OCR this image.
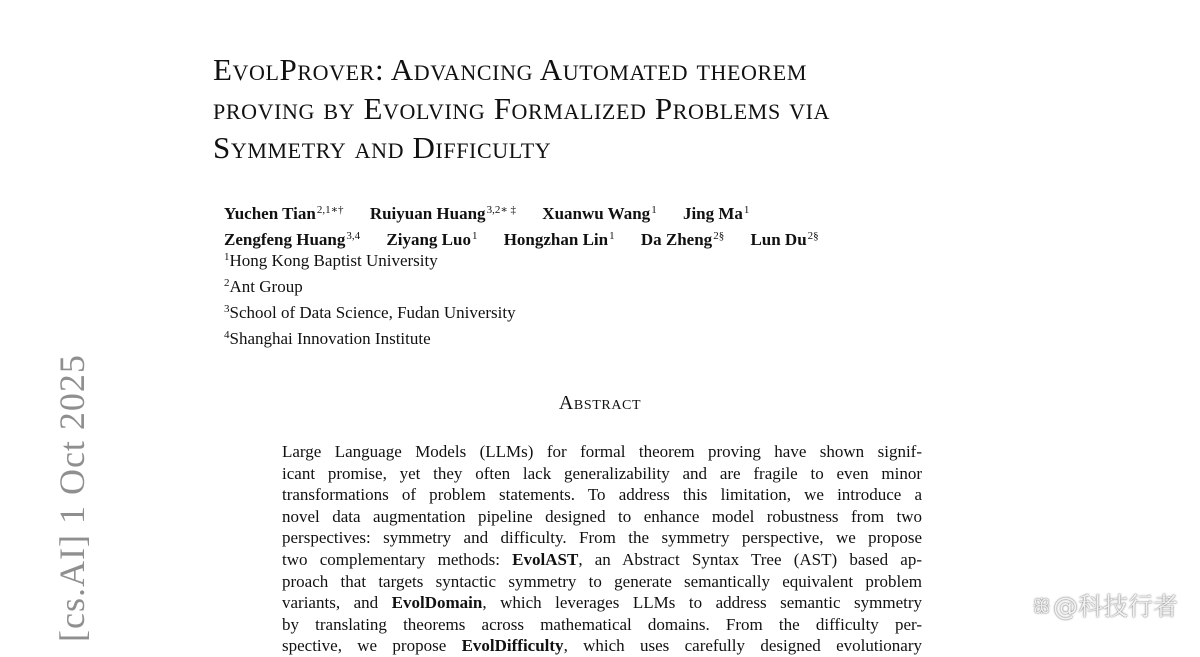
[cs.AI] 1 Oct 2025
EvolProver: Advancing Automated theorem
proving by Evolving Formalized Problems via
Symmetry and Difficulty
Yuchen Tian$^{2,1∗\dagger}$ Ruiyuan Huang$^{3,2∗ \ddagger}$ Xuanwu Wang$^1$ Jing Ma$^1$
Zengfeng Huang$^{3,4}$ Ziyang Luo$^1$ Hongzhan Lin$^1$ Da Zheng$^{2\S}$ Lun $Du^{2\S}$
$^1$Hong Kong Baptist University
$^2$Ant Group
$^3$School of Data Science, Fudan University
$^4$Shanghai Innovation Institute
Abstract
Large Language Models (LLMs) for formal theorem proving have shown signif-
icant promise, yet they often lack generalizability and are fragile to even minor
transformations of problem statements. To address this limitation, we introduce a
novel data augmentation pipeline designed to enhance model robustness from two
perspectives: symmetry and difficulty. From the symmetry perspective, we propose
two complementary methods: EvolAST, an Abstract Syntax Tree (AST) based ap-
proach that targets syntactic symmetry to generate semantically equivalent problem
variants, and EvolDomain, which leverages LLMs to address semantic symmetry
by translating theorems across mathematical domains. From the difficulty per-
spective, we propose EvolDifficulty, which uses carefully designed evolutionary
ꕥ@科技行者
